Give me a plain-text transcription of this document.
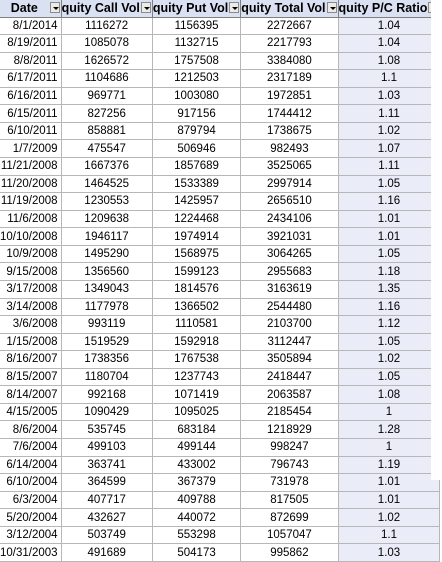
Date	quity Call Vol	quity Put Vol	quity Total Vol	quity P/C Ratio

8/1/2014	1116272	1156395	2272667	1.04
8/19/2011	1085078	1132715	2217793	1.04
8/8/2011	1626572	1757508	3384080	1.08
6/17/2011	1104686	1212503	2317189	1.1
6/16/2011	969771	1003080	1972851	1.03
6/15/2011	827256	917156	1744412	1.11
6/10/2011	858881	879794	1738675	1.02
1/7/2009	475547	506946	982493	1.07
11/21/2008	1667376	1857689	3525065	1.11
11/20/2008	1464525	1533389	2997914	1.05
11/19/2008	1230553	1425957	2656510	1.16
11/6/2008	1209638	1224468	2434106	1.01
10/10/2008	1946117	1974914	3921031	1.01
10/9/2008	1495290	1568975	3064265	1.05
9/15/2008	1356560	1599123	2955683	1.18
3/17/2008	1349043	1814576	3163619	1.35
3/14/2008	1177978	1366502	2544480	1.16
3/6/2008	993119	1110581	2103700	1.12
1/15/2008	1519529	1592918	3112447	1.05
8/16/2007	1738356	1767538	3505894	1.02
8/15/2007	1180704	1237743	2418447	1.05
8/14/2007	992168	1071419	2063587	1.08
4/15/2005	1090429	1095025	2185454	1
8/6/2004	535745	683184	1218929	1.28
7/6/2004	499103	499144	998247	1
6/14/2004	363741	433002	796743	1.19
6/10/2004	364599	367379	731978	1.01
6/3/2004	407717	409788	817505	1.01
5/20/2004	432627	440072	872699	1.02
3/12/2004	503749	553298	1057047	1.1
10/31/2003	491689	504173	995862	1.03
